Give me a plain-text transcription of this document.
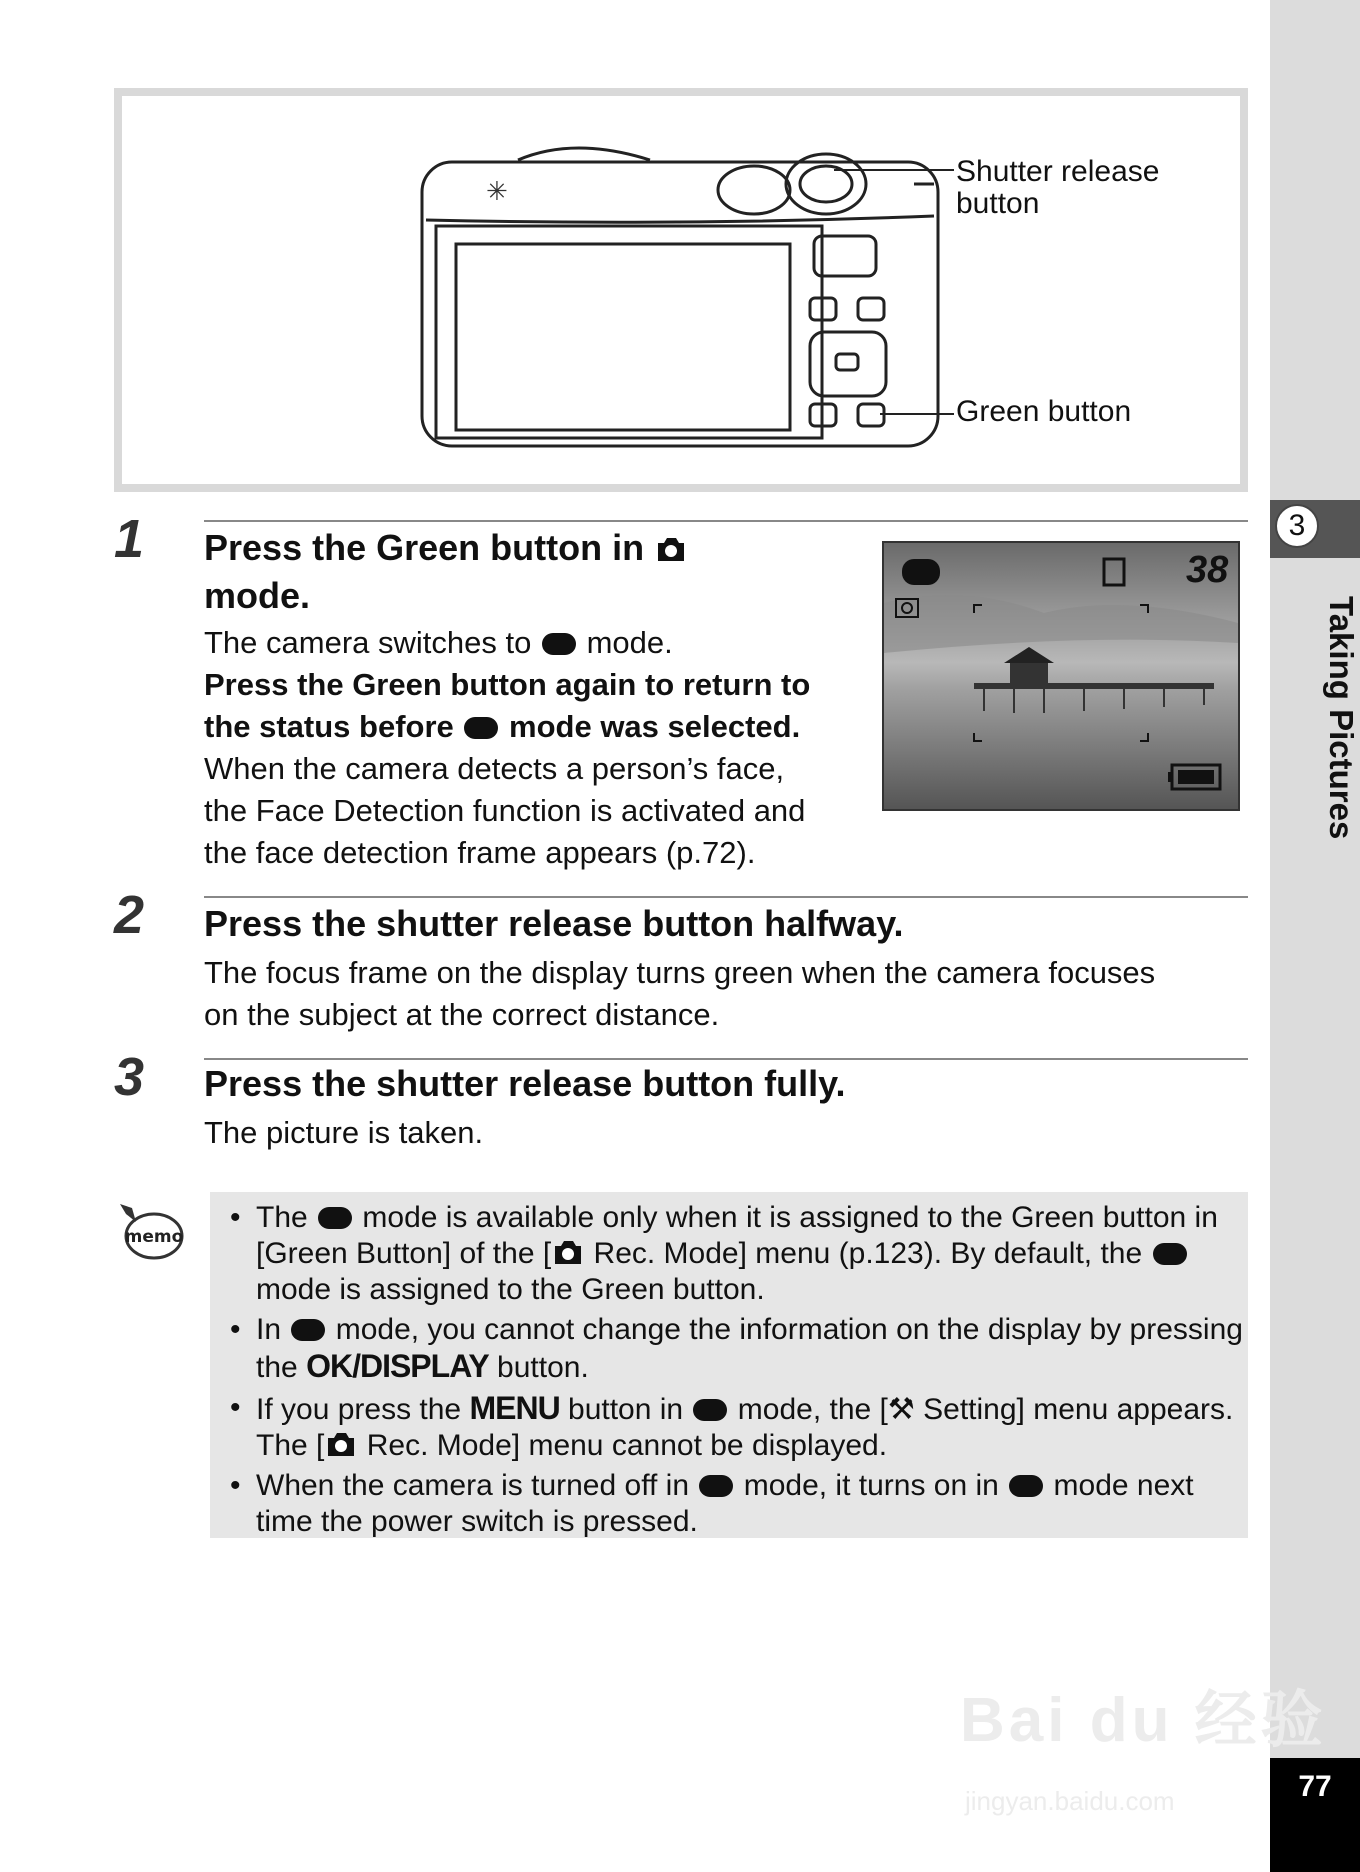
3
Taking Pictures
77
✳
Shutter release
button
Green button
1 Press the Green button in
mode.
The camera switches to mode.
Press the Green button again to return to
the status before mode was selected.
When the camera detects a person’s face,
the Face Detection function is activated and
the face detection frame appears (p.72).
38
2 Press the shutter release button halfway.
The focus frame on the display turns green when the camera focuses
on the subject at the correct distance.
3 Press the shutter release button fully.
The picture is taken.
memo
• The mode is available only when it is assigned to the Green button in [Green Button] of the [ Rec. Mode] menu (p.123). By default, the  mode is assigned to the Green button.
• In mode, you cannot change the information on the display by pressing the OK/DISPLAY button.
• If you press the MENU button in mode, the [⚒ Setting] menu appears. The [ Rec. Mode] menu cannot be displayed.
• When the camera is turned off in mode, it turns on in mode next time the power switch is pressed.
Bai du 经验
jingyan.baidu.com
